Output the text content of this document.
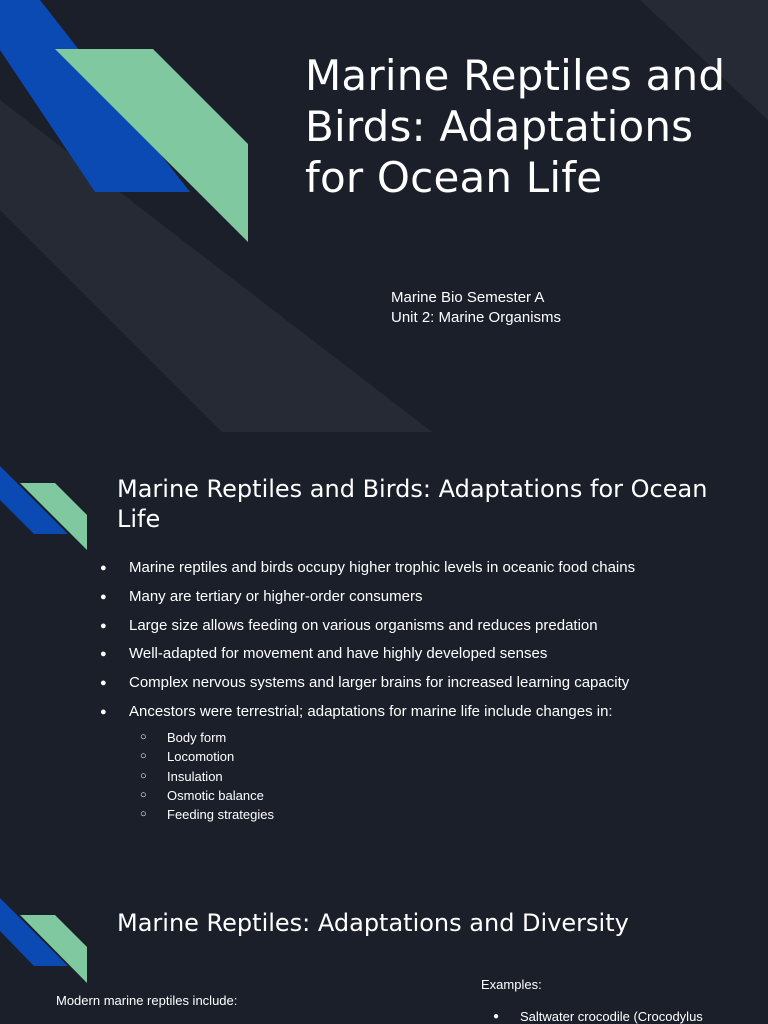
Marine Reptiles and Birds: Adaptations for Ocean Life
Marine Bio Semester A
Unit 2: Marine Organisms
Marine Reptiles and Birds: Adaptations for Ocean Life
● Marine reptiles and birds occupy higher trophic levels in oceanic food chains
● Many are tertiary or higher-order consumers
● Large size allows feeding on various organisms and reduces predation
● Well-adapted for movement and have highly developed senses
● Complex nervous systems and larger brains for increased learning capacity
● Ancestors were terrestrial; adaptations for marine life include changes in:
○ Body form
○ Locomotion
○ Insulation
○ Osmotic balance
○ Feeding strategies
Marine Reptiles: Adaptations and Diversity
Modern marine reptiles include:
Examples:
● Saltwater crocodile (Crocodylus
